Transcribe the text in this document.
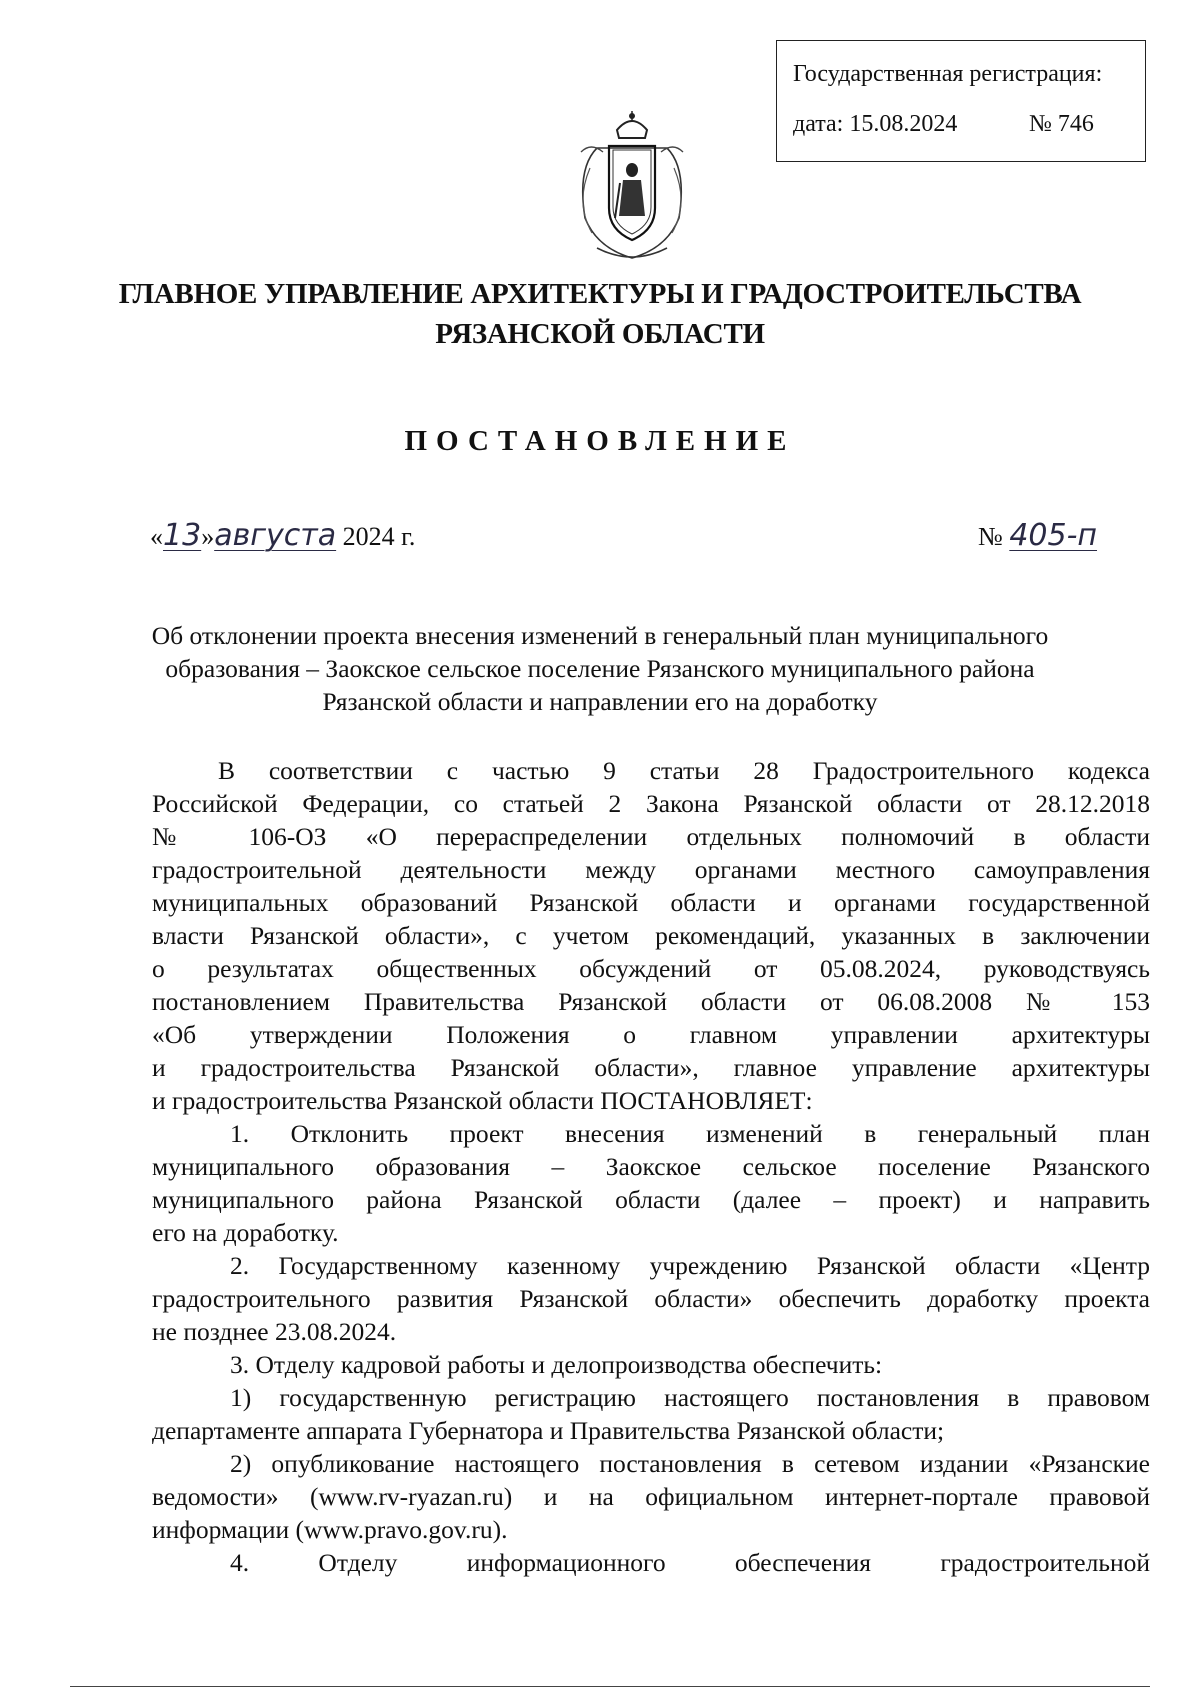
Государственная регистрация:
дата: 15.08.2024	№ 746
ГЛАВНОЕ УПРАВЛЕНИЕ АРХИТЕКТУРЫ И ГРАДОСТРОИТЕЛЬСТВА
РЯЗАНСКОЙ ОБЛАСТИ
ПОСТАНОВЛЕНИЕ
«13»августа 2024 г.	№ 405-п
Об отклонении проекта внесения изменений в генеральный план муниципального
образования – Заокское сельское поселение Рязанского муниципального района
Рязанской области и направлении его на доработку
В соответствии с частью 9 статьи 28 Градостроительного кодекса
Российской Федерации, со статьей 2 Закона Рязанской области от 28.12.2018
№ 106-ОЗ «О перераспределении отдельных полномочий в области
градостроительной деятельности между органами местного самоуправления
муниципальных образований Рязанской области и органами государственной
власти Рязанской области», с учетом рекомендаций, указанных в заключении
о результатах общественных обсуждений от 05.08.2024, руководствуясь
постановлением Правительства Рязанской области от 06.08.2008 № 153
«Об утверждении Положения о главном управлении архитектуры
и градостроительства Рязанской области», главное управление архитектуры
и градостроительства Рязанской области ПОСТАНОВЛЯЕТ:
1. Отклонить проект внесения изменений в генеральный план
муниципального образования – Заокское сельское поселение Рязанского
муниципального района Рязанской области (далее – проект) и направить
его на доработку.
2. Государственному казенному учреждению Рязанской области «Центр
градостроительного развития Рязанской области» обеспечить доработку проекта
не позднее 23.08.2024.
3. Отделу кадровой работы и делопроизводства обеспечить:
1) государственную регистрацию настоящего постановления в правовом
департаменте аппарата Губернатора и Правительства Рязанской области;
2) опубликование настоящего постановления в сетевом издании «Рязанские
ведомости» (www.rv-ryazan.ru) и на официальном интернет-портале правовой
информации (www.pravo.gov.ru).
4. Отделу информационного обеспечения градостроительной
